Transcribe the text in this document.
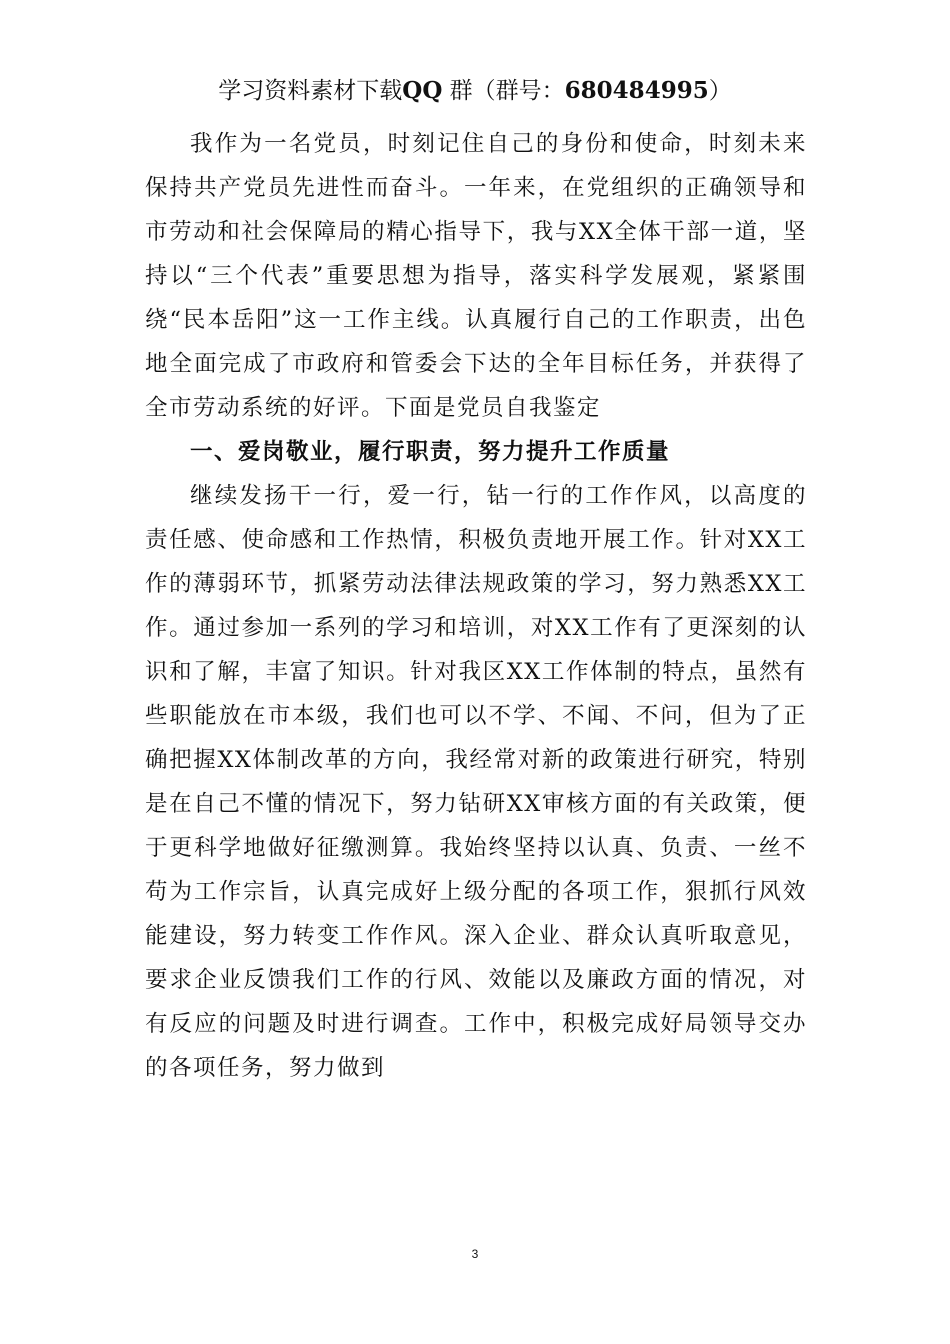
学习资料素材下载QQ 群（群号：680484995）

我作为一名党员，时刻记住自己的身份和使命，时刻未来保持共产党员先进性而奋斗。一年来，在党组织的正确领导和市劳动和社会保障局的精心指导下，我与XX全体干部一道，坚持以“三个代表”重要思想为指导，落实科学发展观，紧紧围绕“民本岳阳”这一工作主线。认真履行自己的工作职责，出色地全面完成了市政府和管委会下达的全年目标任务，并获得了全市劳动系统的好评。下面是党员自我鉴定

一、爱岗敬业，履行职责，努力提升工作质量

继续发扬干一行，爱一行，钻一行的工作作风，以高度的责任感、使命感和工作热情，积极负责地开展工作。针对XX工作的薄弱环节，抓紧劳动法律法规政策的学习，努力熟悉XX工作。通过参加一系列的学习和培训，对XX工作有了更深刻的认识和了解，丰富了知识。针对我区XX工作体制的特点，虽然有些职能放在市本级，我们也可以不学、不闻、不问，但为了正确把握XX体制改革的方向，我经常对新的政策进行研究，特别是在自己不懂的情况下，努力钻研XX审核方面的有关政策，便于更科学地做好征缴测算。我始终坚持以认真、负责、一丝不苟为工作宗旨，认真完成好上级分配的各项工作，狠抓行风效能建设，努力转变工作作风。深入企业、群众认真听取意见，要求企业反馈我们工作的行风、效能以及廉政方面的情况，对有反应的问题及时进行调查。工作中，积极完成好局领导交办的各项任务，努力做到

3
